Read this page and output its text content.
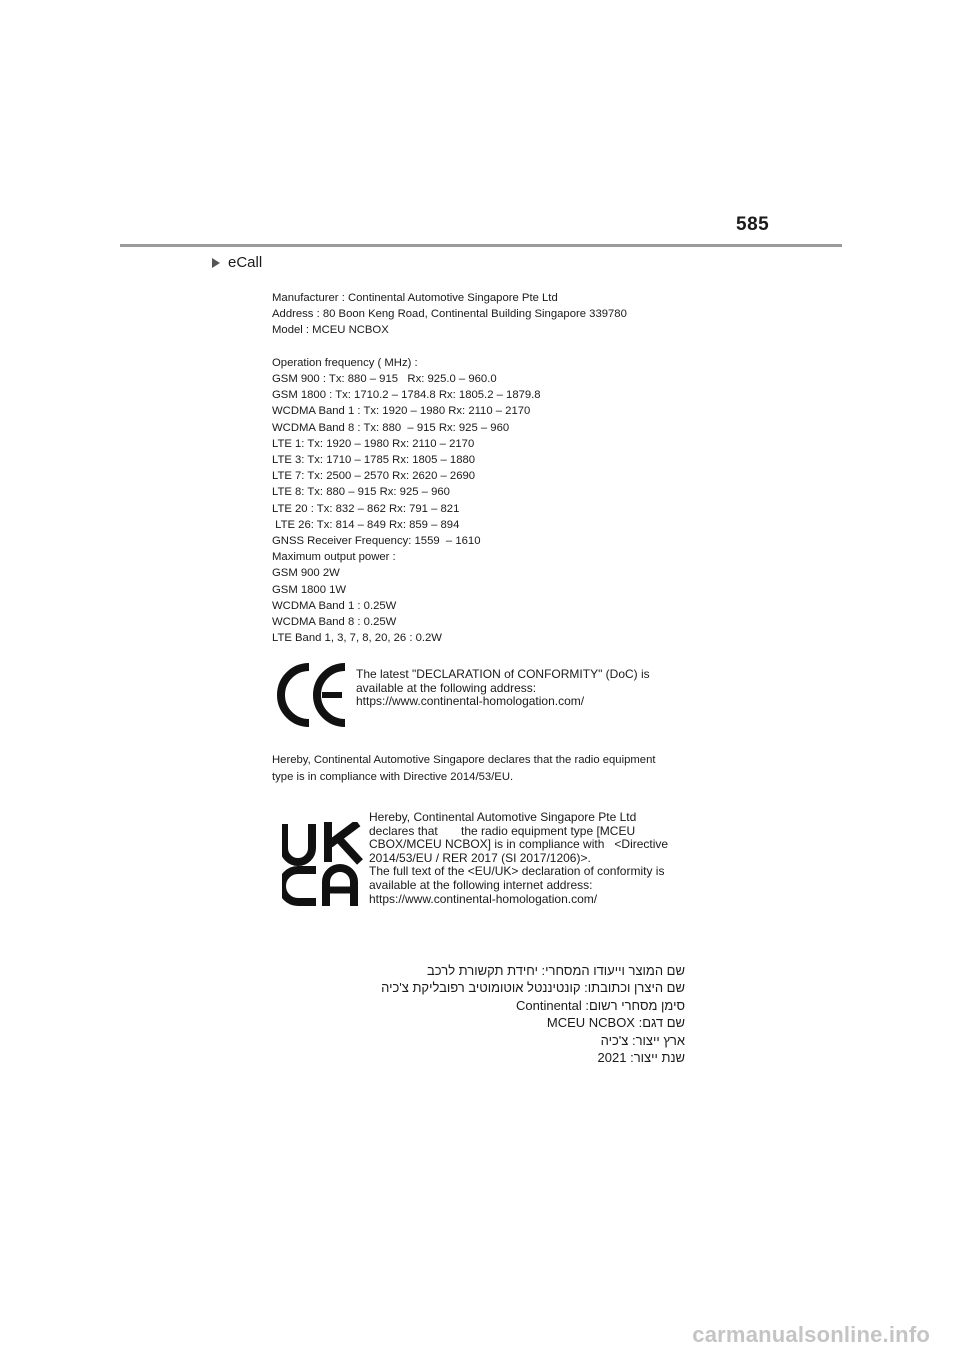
585
eCall
Manufacturer : Continental Automotive Singapore Pte Ltd
Address : 80 Boon Keng Road, Continental Building Singapore 339780
Model : MCEU NCBOX
Operation frequency ( MHz) :
GSM 900 : Tx: 880 – 915   Rx: 925.0 – 960.0
GSM 1800 : Tx: 1710.2 – 1784.8 Rx: 1805.2 – 1879.8
WCDMA Band 1 : Tx: 1920 – 1980 Rx: 2110 – 2170
WCDMA Band 8 : Tx: 880  – 915 Rx: 925 – 960
LTE 1: Tx: 1920 – 1980 Rx: 2110 – 2170
LTE 3: Tx: 1710 – 1785 Rx: 1805 – 1880
LTE 7: Tx: 2500 – 2570 Rx: 2620 – 2690
LTE 8: Tx: 880 – 915 Rx: 925 – 960
LTE 20 : Tx: 832 – 862 Rx: 791 – 821
LTE 26: Tx: 814 – 849 Rx: 859 – 894
GNSS Receiver Frequency: 1559  – 1610
Maximum output power :
GSM 900 2W
GSM 1800 1W
WCDMA Band 1 : 0.25W
WCDMA Band 8 : 0.25W
LTE Band 1, 3, 7, 8, 20, 26 : 0.2W
The latest "DECLARATION of CONFORMITY" (DoC) is
available at the following address:
https://www.continental-homologation.com/
Hereby, Continental Automotive Singapore declares that the radio equipment
type is in compliance with Directive 2014/53/EU.
Hereby, Continental Automotive Singapore Pte Ltd
declares that       the radio equipment type [MCEU
CBOX/MCEU NCBOX] is in compliance with   <Directive
2014/53/EU / RER 2017 (SI 2017/1206)>.
The full text of the <EU/UK> declaration of conformity is
available at the following internet address:
https://www.continental-homologation.com/
שם המוצר וייעודו המסחרי: יחידת תקשורת לרכב
שם היצרן וכתובתו: קונטיננטל אוטומוטיב רפובליקת צ'כיה
סימן מסחרי רשום: Continental
שם דגם: MCEU NCBOX
ארץ ייצור: צ'כיה
שנת ייצור: 2021
carmanualsonline.info
